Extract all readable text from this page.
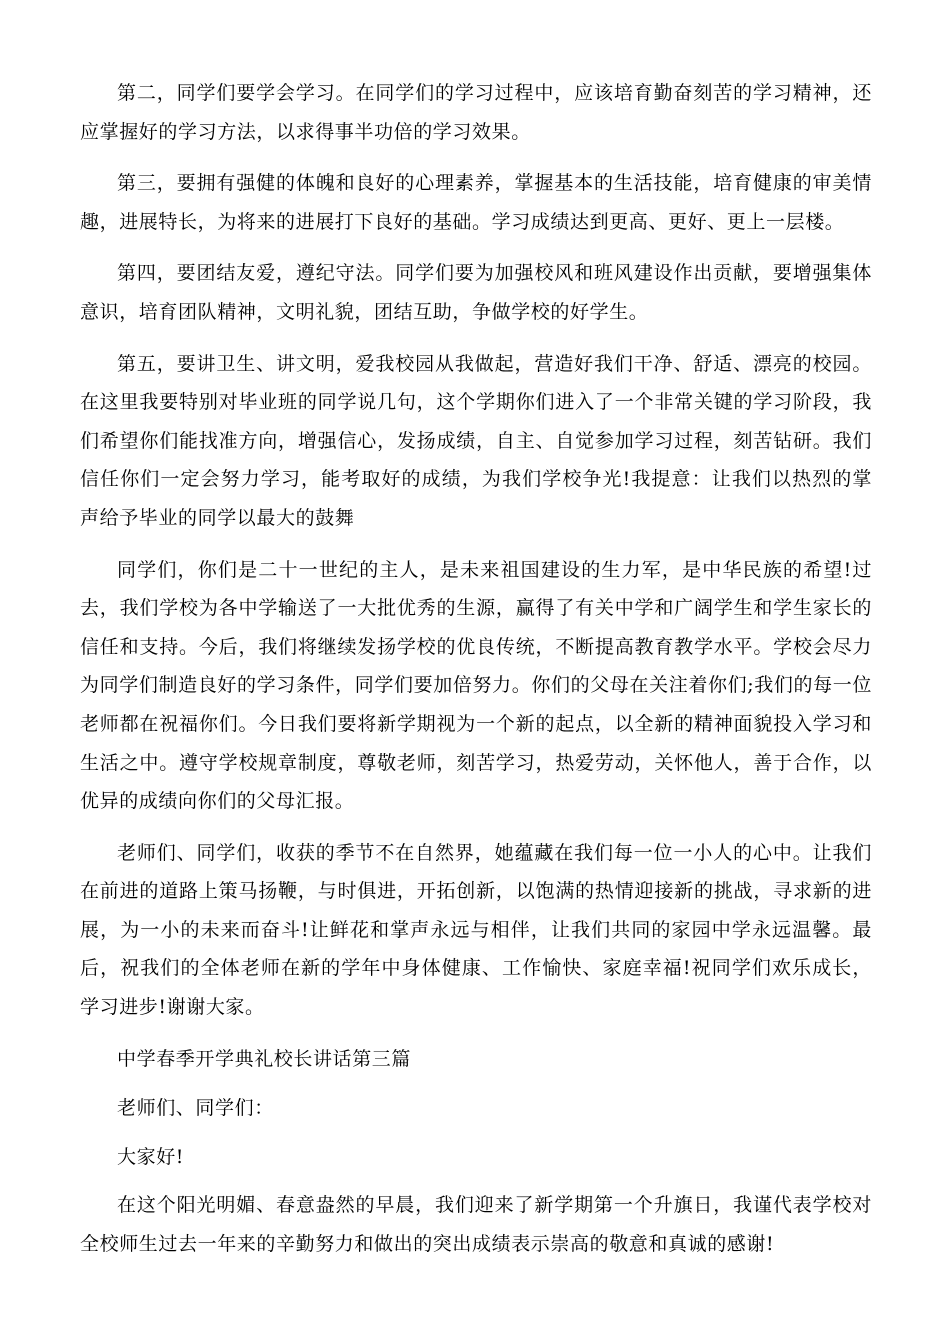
第二，同学们要学会学习。在同学们的学习过程中，应该培育勤奋刻苦的学习精神，还应掌握好的学习方法，以求得事半功倍的学习效果。

第三，要拥有强健的体魄和良好的心理素养，掌握基本的生活技能，培育健康的审美情趣，进展特长，为将来的进展打下良好的基础。学习成绩达到更高、更好、更上一层楼。

第四，要团结友爱，遵纪守法。同学们要为加强校风和班风建设作出贡献，要增强集体意识，培育团队精神，文明礼貌，团结互助，争做学校的好学生。

第五，要讲卫生、讲文明，爱我校园从我做起，营造好我们干净、舒适、漂亮的校园。在这里我要特别对毕业班的同学说几句，这个学期你们进入了一个非常关键的学习阶段，我们希望你们能找准方向，增强信心，发扬成绩，自主、自觉参加学习过程，刻苦钻研。我们信任你们一定会努力学习，能考取好的成绩，为我们学校争光!我提意：让我们以热烈的掌声给予毕业的同学以最大的鼓舞

同学们，你们是二十一世纪的主人，是未来祖国建设的生力军，是中华民族的希望!过去，我们学校为各中学输送了一大批优秀的生源，赢得了有关中学和广阔学生和学生家长的信任和支持。今后，我们将继续发扬学校的优良传统，不断提高教育教学水平。学校会尽力为同学们制造良好的学习条件，同学们要加倍努力。你们的父母在关注着你们;我们的每一位老师都在祝福你们。今日我们要将新学期视为一个新的起点，以全新的精神面貌投入学习和生活之中。遵守学校规章制度，尊敬老师，刻苦学习，热爱劳动，关怀他人，善于合作，以优异的成绩向你们的父母汇报。

老师们、同学们，收获的季节不在自然界，她蕴藏在我们每一位一小人的心中。让我们在前进的道路上策马扬鞭，与时俱进，开拓创新，以饱满的热情迎接新的挑战，寻求新的进展，为一小的未来而奋斗!让鲜花和掌声永远与相伴，让我们共同的家园中学永远温馨。最后，祝我们的全体老师在新的学年中身体健康、工作愉快、家庭幸福!祝同学们欢乐成长，学习进步!谢谢大家。

中学春季开学典礼校长讲话第三篇

老师们、同学们：

大家好!

在这个阳光明媚、春意盎然的早晨，我们迎来了新学期第一个升旗日，我谨代表学校对全校师生过去一年来的辛勤努力和做出的突出成绩表示崇高的敬意和真诚的感谢!
